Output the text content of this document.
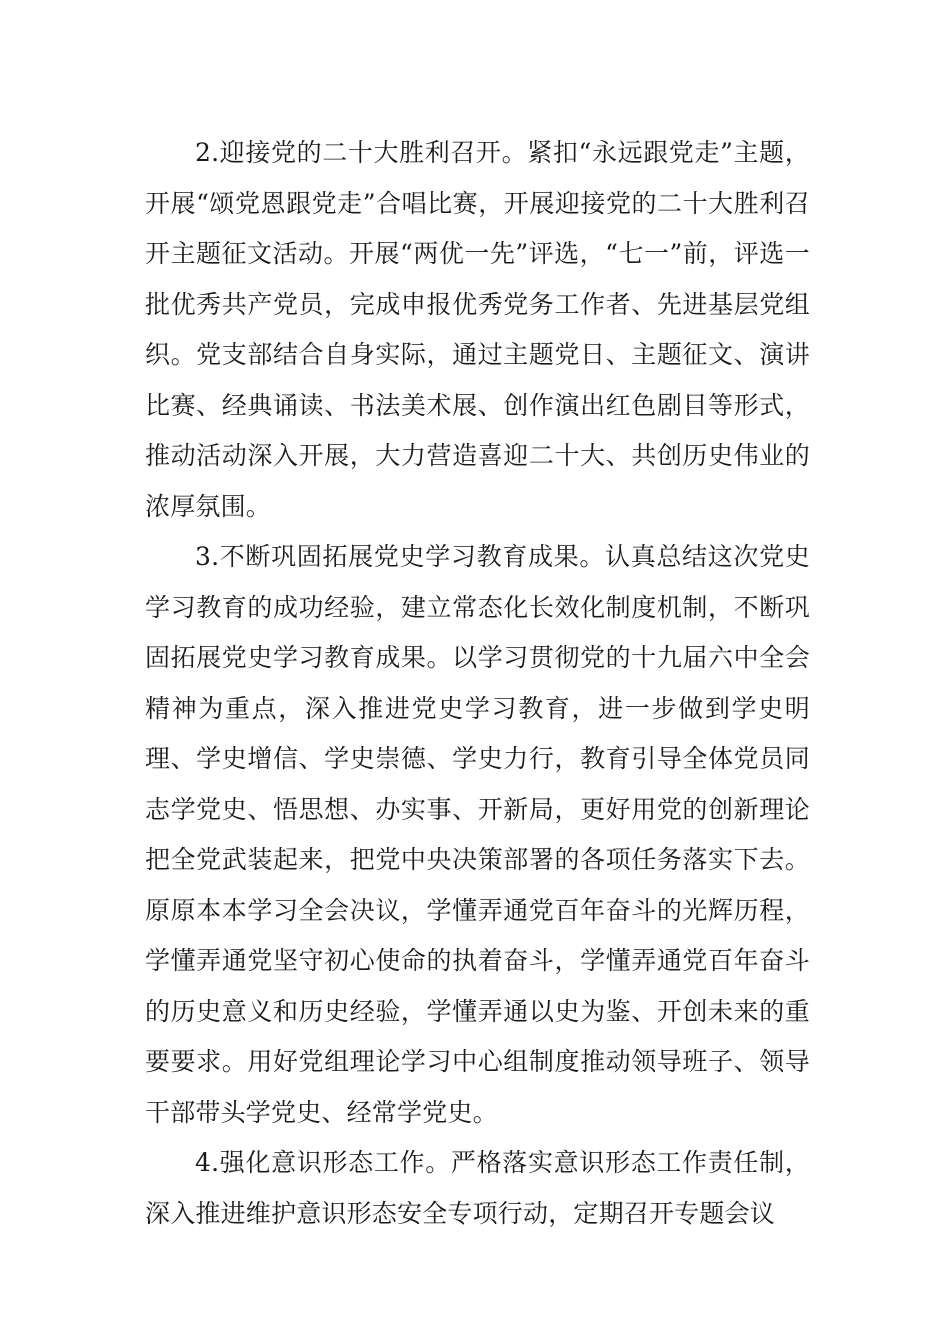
2.迎接党的二十大胜利召开。紧扣“永远跟党走”主题，开展“颂党恩跟党走”合唱比赛，开展迎接党的二十大胜利召开主题征文活动。开展“两优一先”评选，“七一”前，评选一批优秀共产党员，完成申报优秀党务工作者、先进基层党组织。党支部结合自身实际，通过主题党日、主题征文、演讲比赛、经典诵读、书法美术展、创作演出红色剧目等形式，推动活动深入开展，大力营造喜迎二十大、共创历史伟业的浓厚氛围。

3.不断巩固拓展党史学习教育成果。认真总结这次党史学习教育的成功经验，建立常态化长效化制度机制，不断巩固拓展党史学习教育成果。以学习贯彻党的十九届六中全会精神为重点，深入推进党史学习教育，进一步做到学史明理、学史增信、学史崇德、学史力行，教育引导全体党员同志学党史、悟思想、办实事、开新局，更好用党的创新理论把全党武装起来，把党中央决策部署的各项任务落实下去。原原本本学习全会决议，学懂弄通党百年奋斗的光辉历程，学懂弄通党坚守初心使命的执着奋斗，学懂弄通党百年奋斗的历史意义和历史经验，学懂弄通以史为鉴、开创未来的重要要求。用好党组理论学习中心组制度推动领导班子、领导干部带头学党史、经常学党史。

4.强化意识形态工作。严格落实意识形态工作责任制，深入推进维护意识形态安全专项行动，定期召开专题会议
